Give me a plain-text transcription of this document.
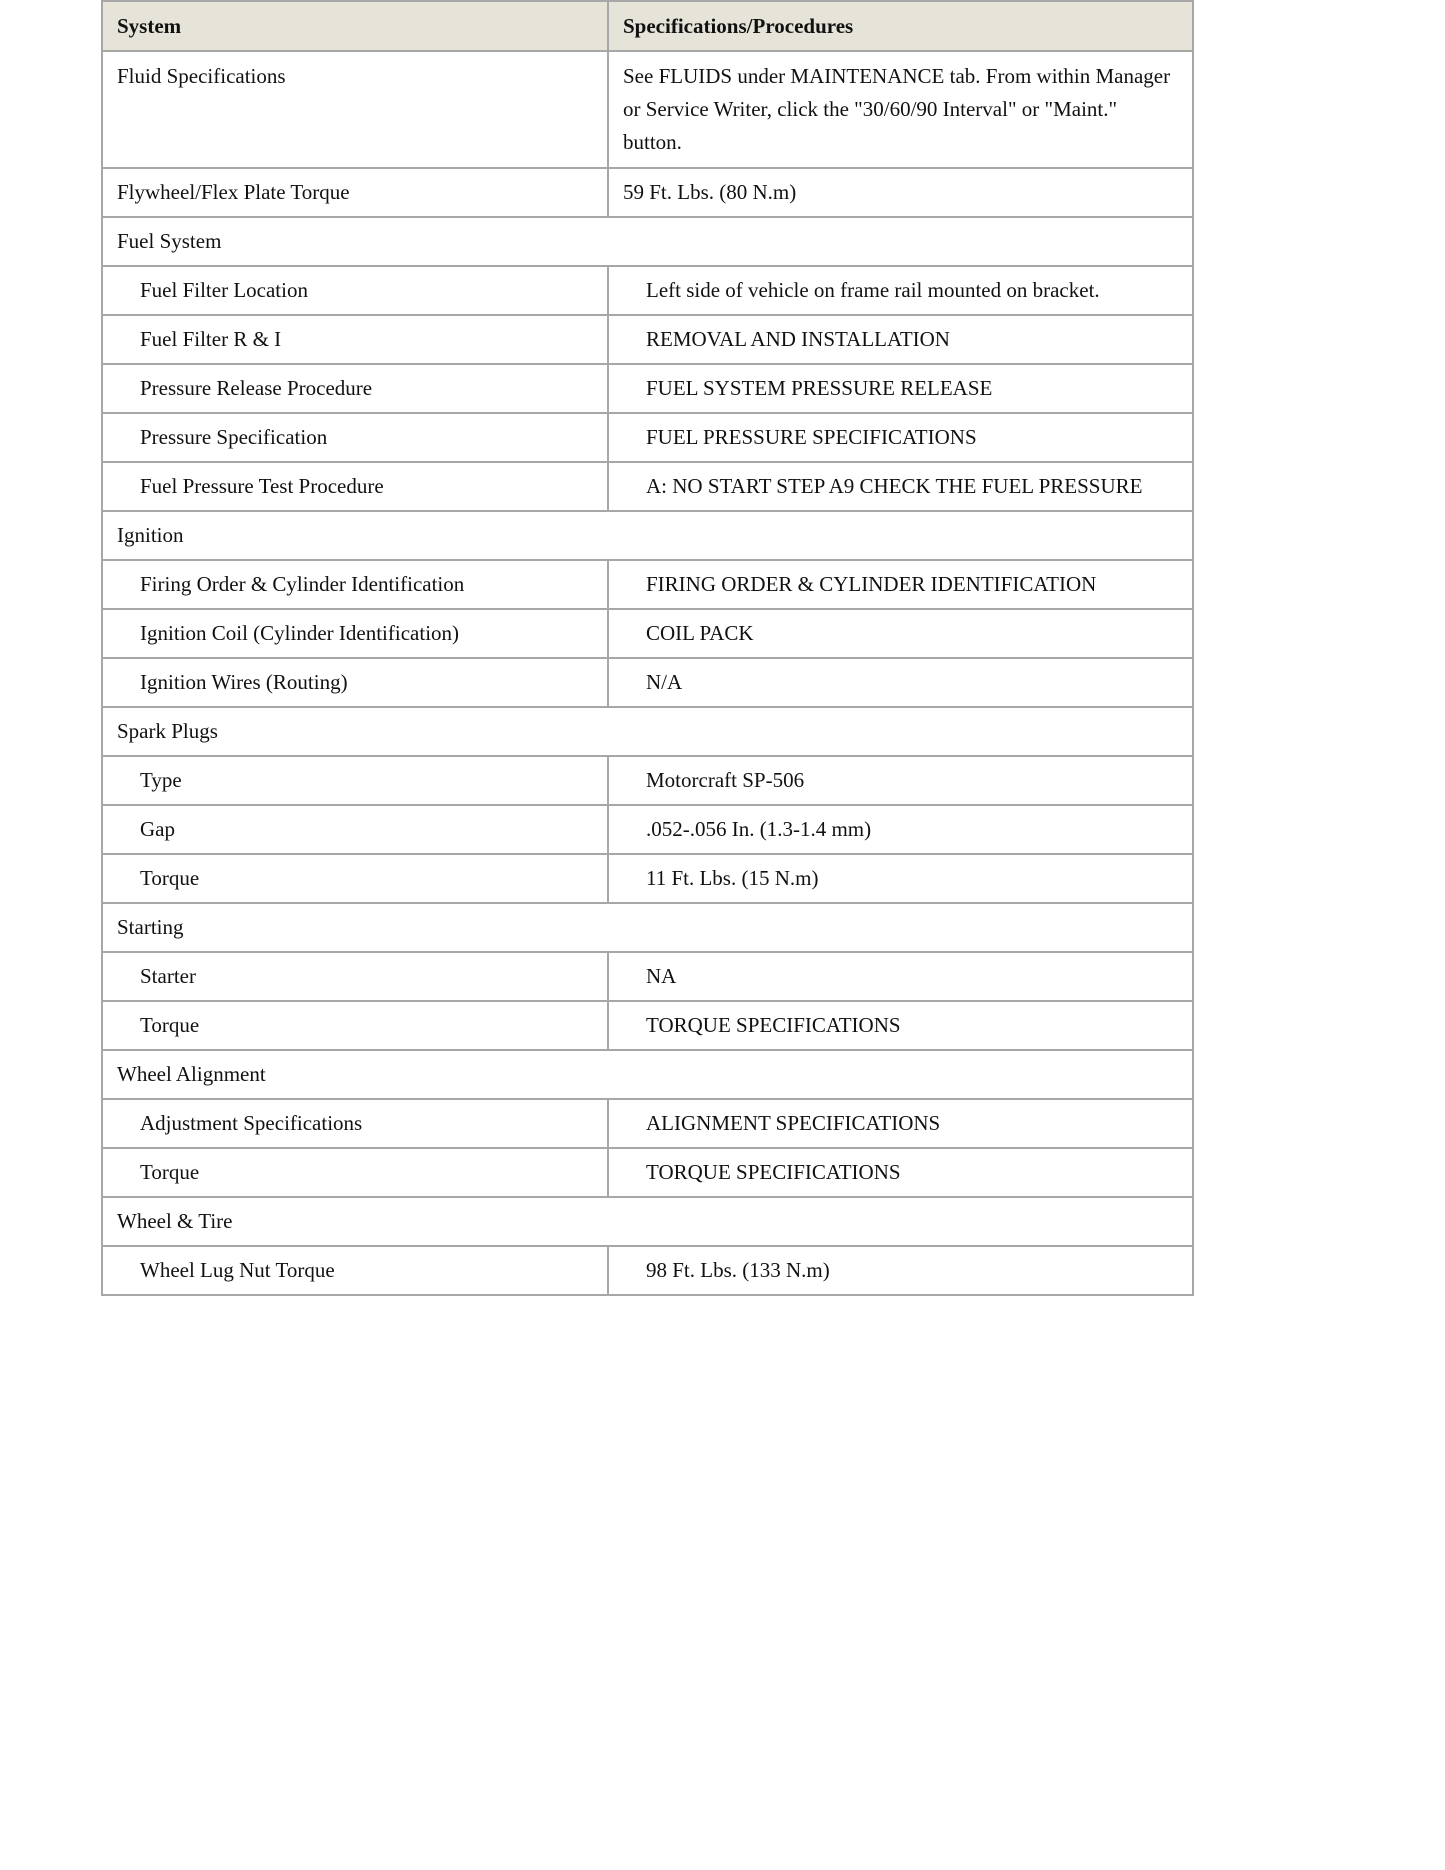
System	Specifications/Procedures
Fluid Specifications	See FLUIDS under MAINTENANCE tab. From within Manager or Service Writer, click the "30/60/90 Interval" or "Maint." button.
Flywheel/Flex Plate Torque	59 Ft. Lbs. (80 N.m)
Fuel System	
Fuel Filter Location	Left side of vehicle on frame rail mounted on bracket.
Fuel Filter R & I	REMOVAL AND INSTALLATION
Pressure Release Procedure	FUEL SYSTEM PRESSURE RELEASE
Pressure Specification	FUEL PRESSURE SPECIFICATIONS
Fuel Pressure Test Procedure	A: NO START STEP A9 CHECK THE FUEL PRESSURE
Ignition	
Firing Order & Cylinder Identification	FIRING ORDER & CYLINDER IDENTIFICATION
Ignition Coil (Cylinder Identification)	COIL PACK
Ignition Wires (Routing)	N/A
Spark Plugs	
Type	Motorcraft SP-506
Gap	.052-.056 In. (1.3-1.4 mm)
Torque	11 Ft. Lbs. (15 N.m)
Starting	
Starter	NA
Torque	TORQUE SPECIFICATIONS
Wheel Alignment	
Adjustment Specifications	ALIGNMENT SPECIFICATIONS
Torque	TORQUE SPECIFICATIONS
Wheel & Tire	
Wheel Lug Nut Torque	98 Ft. Lbs. (133 N.m)
